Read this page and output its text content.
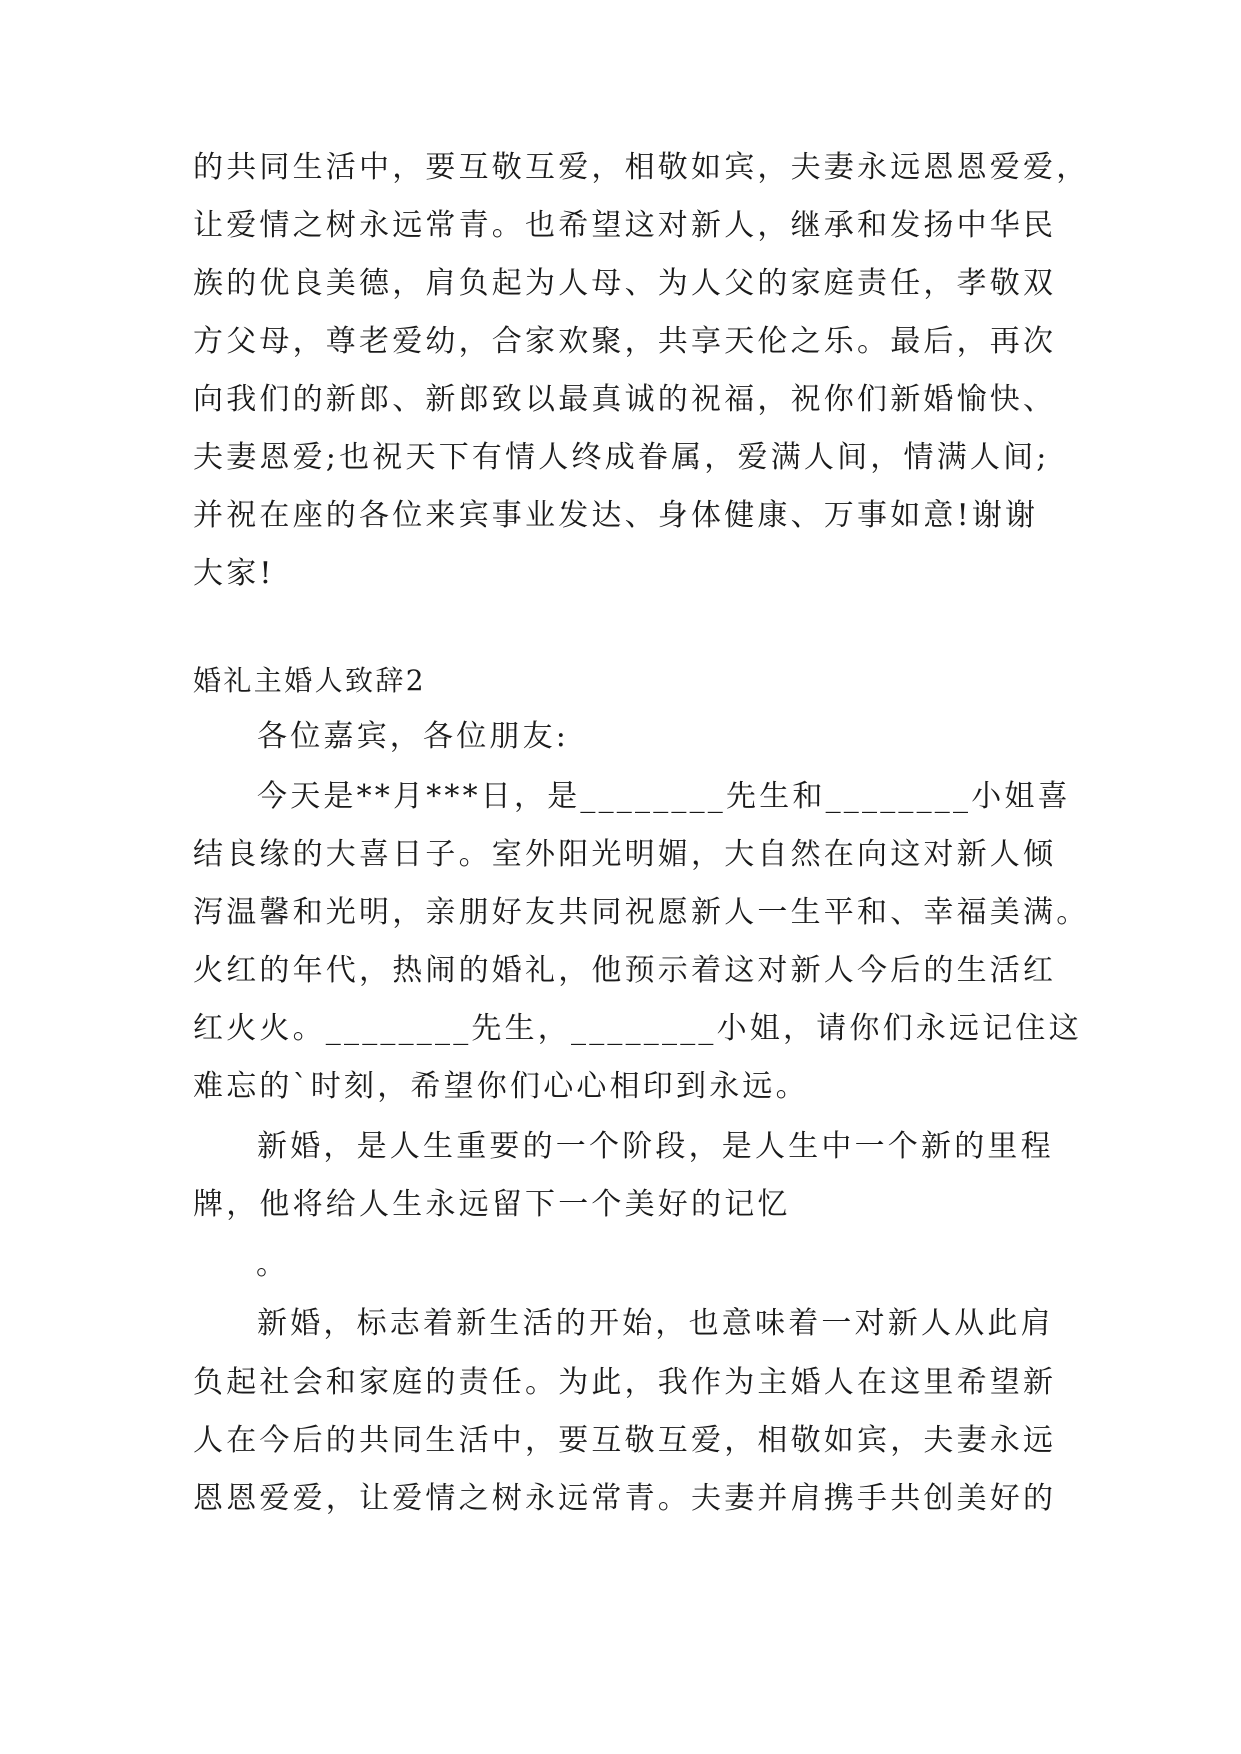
的共同生活中，要互敬互爱，相敬如宾，夫妻永远恩恩爱爱，
让爱情之树永远常青。也希望这对新人，继承和发扬中华民
族的优良美德，肩负起为人母、为人父的家庭责任，孝敬双
方父母，尊老爱幼，合家欢聚，共享天伦之乐。最后，再次
向我们的新郎、新郎致以最真诚的祝福，祝你们新婚愉快、
夫妻恩爱;也祝天下有情人终成眷属，爱满人间，情满人间;
并祝在座的各位来宾事业发达、身体健康、万事如意!谢谢
大家!
婚礼主婚人致辞2
各位嘉宾，各位朋友:
今天是**月***日，是________先生和________小姐喜
结良缘的大喜日子。室外阳光明媚，大自然在向这对新人倾
泻温馨和光明，亲朋好友共同祝愿新人一生平和、幸福美满。
火红的年代，热闹的婚礼，他预示着这对新人今后的生活红
红火火。________先生，________小姐，请你们永远记住这
难忘的`时刻，希望你们心心相印到永远。
新婚，是人生重要的一个阶段，是人生中一个新的里程
牌，他将给人生永远留下一个美好的记忆
。
新婚，标志着新生活的开始，也意味着一对新人从此肩
负起社会和家庭的责任。为此，我作为主婚人在这里希望新
人在今后的共同生活中，要互敬互爱，相敬如宾，夫妻永远
恩恩爱爱，让爱情之树永远常青。夫妻并肩携手共创美好的
